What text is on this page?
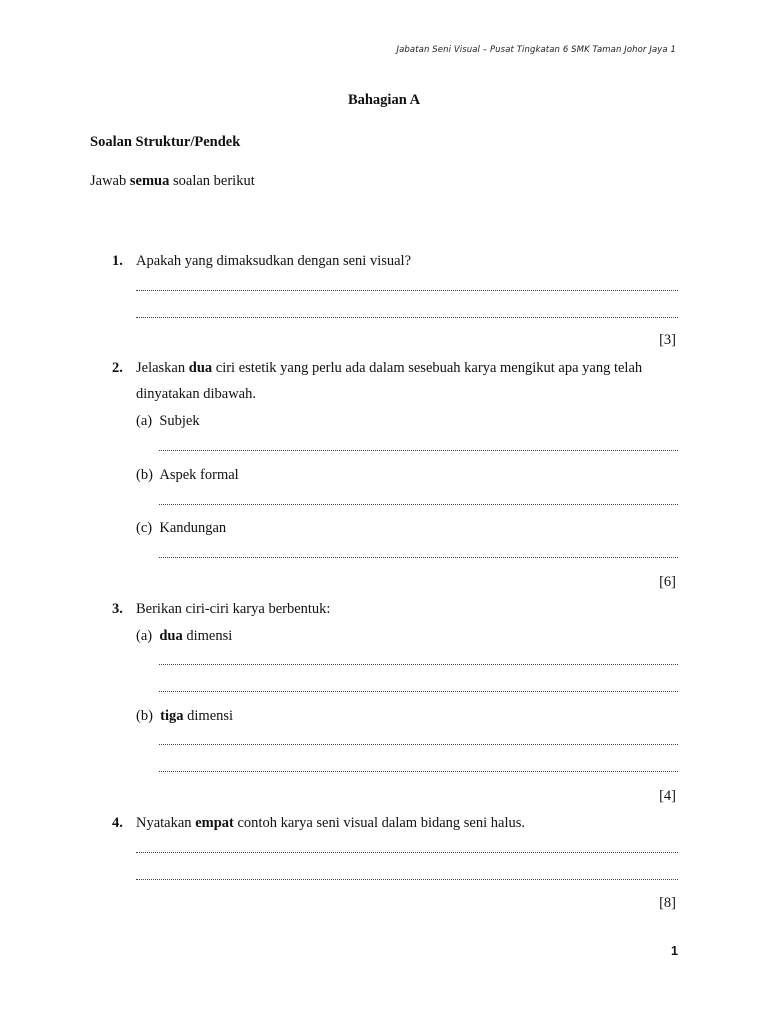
Jabatan Seni Visual – Pusat Tingkatan 6 SMK Taman Johor Jaya 1
Bahagian A
Soalan Struktur/Pendek
Jawab semua soalan berikut
1. Apakah yang dimaksudkan dengan seni visual?
[3]
2. Jelaskan dua ciri estetik yang perlu ada dalam sesebuah karya mengikut apa yang telah
dinyatakan dibawah.
(a) Subjek
(b) Aspek formal
(c) Kandungan
[6]
3. Berikan ciri-ciri karya berbentuk:
(a) dua dimensi
(b) tiga dimensi
[4]
4. Nyatakan empat contoh karya seni visual dalam bidang seni halus.
[8]
1
